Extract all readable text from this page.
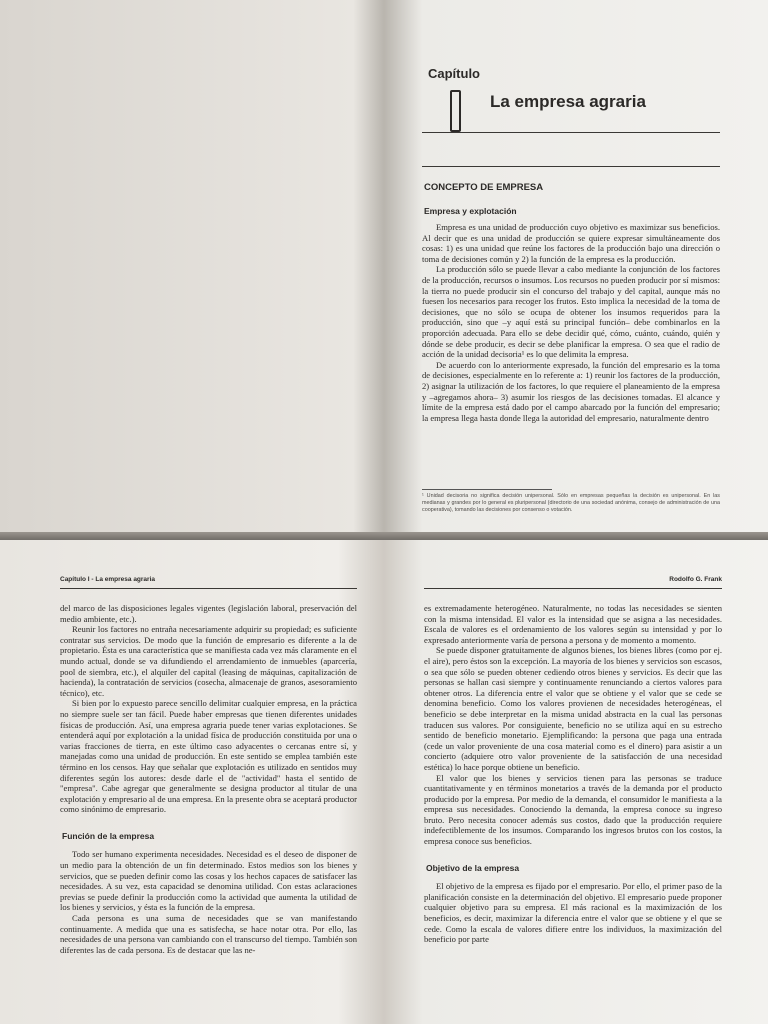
Capítulo
La empresa agraria
CONCEPTO DE EMPRESA
Empresa y explotación

Empresa es una unidad de producción cuyo objetivo es maximizar sus beneficios. Al decir que es una unidad de producción se quiere expresar simultáneamente dos cosas: 1) es una unidad que reúne los factores de la producción bajo una dirección o toma de decisiones común y 2) la función de la empresa es la producción.

La producción sólo se puede llevar a cabo mediante la conjunción de los factores de la producción, recursos o insumos. Los recursos no pueden producir por sí mismos: la tierra no puede producir sin el concurso del trabajo y del capital, aunque más no fuesen los necesarios para recoger los frutos. Esto implica la necesidad de la toma de decisiones, que no sólo se ocupa de obtener los insumos requeridos para la producción, sino que –y aquí está su principal función– debe combinarlos en la proporción adecuada. Para ello se debe decidir qué, cómo, cuánto, cuándo, quién y dónde se debe producir, es decir se debe planificar la empresa. O sea que el radio de acción de la unidad decisoria¹ es lo que delimita la empresa.

De acuerdo con lo anteriormente expresado, la función del empresario es la toma de decisiones, especialmente en lo referente a: 1) reunir los factores de la producción, 2) asignar la utilización de los factores, lo que requiere el planeamiento de la empresa y –agregamos ahora– 3) asumir los riesgos de las decisiones tomadas. El alcance y límite de la empresa está dado por el campo abarcado por la función del empresario; la empresa llega hasta donde llega la autoridad del empresario, naturalmente dentro

¹ Unidad decisoria no significa decisión unipersonal. Sólo en empresas pequeñas la decisión es unipersonal. En las medianas y grandes por lo general es pluripersonal (directorio de una sociedad anónima, consejo de administración de una cooperativa), tomando las decisiones por consenso o votación.
Capítulo I - La empresa agraria

del marco de las disposiciones legales vigentes (legislación laboral, preservación del medio ambiente, etc.).

Reunir los factores no entraña necesariamente adquirir su propiedad; es suficiente contratar sus servicios. De modo que la función de empresario es diferente a la de propietario. Ésta es una característica que se manifiesta cada vez más claramente en el mundo actual, donde se va difundiendo el arrendamiento de inmuebles (aparcería, pool de siembra, etc.), el alquiler del capital (leasing de máquinas, capitalización de hacienda), la contratación de servicios (cosecha, almacenaje de granos, asesoramiento técnico), etc.

Si bien por lo expuesto parece sencillo delimitar cualquier empresa, en la práctica no siempre suele ser tan fácil. Puede haber empresas que tienen diferentes unidades físicas de producción. Así, una empresa agraria puede tener varias explotaciones. Se entenderá aquí por explotación a la unidad física de producción constituida por una o varias fracciones de tierra, en este último caso adyacentes o cercanas entre sí, y manejadas como una unidad de producción. En este sentido se emplea también este término en los censos. Hay que señalar que explotación es utilizado en sentidos muy diferentes según los autores: desde darle el de "actividad" hasta el sentido de "empresa". Cabe agregar que generalmente se designa productor al titular de una explotación y empresario al de una empresa. En la presente obra se aceptará productor como sinónimo de empresario.

Función de la empresa

Todo ser humano experimenta necesidades. Necesidad es el deseo de disponer de un medio para la obtención de un fin determinado. Estos medios son los bienes y servicios, que se pueden definir como las cosas y los hechos capaces de satisfacer las necesidades. A su vez, esta capacidad se denomina utilidad. Con estas aclaraciones previas se puede definir la producción como la actividad que aumenta la utilidad de los bienes y servicios, y ésta es la función de la empresa.

Cada persona es una suma de necesidades que se van manifestando continuamente. A medida que una es satisfecha, se hace notar otra. Por ello, las necesidades de una persona van cambiando con el transcurso del tiempo. También son diferentes las de cada persona. Es de destacar que las ne-

Rodolfo G. Frank

es extremadamente heterogéneo. Naturalmente, no todas las necesidades se sienten con la misma intensidad. El valor es la intensidad que se asigna a las necesidades. Escala de valores es el ordenamiento de los valores según su intensidad y por lo expresado anteriormente varía de persona a persona y de momento a momento.

Se puede disponer gratuitamente de algunos bienes, los bienes libres (como por ej. el aire), pero éstos son la excepción. La mayoría de los bienes y servicios son escasos, o sea que sólo se pueden obtener cediendo otros bienes y servicios. Es decir que las personas se hallan casi siempre y continuamente renunciando a ciertos valores para obtener otros. La diferencia entre el valor que se obtiene y el valor que se cede se denomina beneficio. Como los valores provienen de necesidades heterogéneas, el beneficio se debe interpretar en la misma unidad abstracta en la cual las personas traducen sus valores. Por consiguiente, beneficio no se utiliza aquí en su estrecho sentido de beneficio monetario. Ejemplificando: la persona que paga una entrada (cede un valor proveniente de una cosa material como es el dinero) para asistir a un concierto (adquiere otro valor proveniente de la satisfacción de una necesidad estética) lo hace porque obtiene un beneficio.

El valor que los bienes y servicios tienen para las personas se traduce cuantitativamente y en términos monetarios a través de la demanda por el producto producido por la empresa. Por medio de la demanda, el consumidor le manifiesta a la empresa sus necesidades. Conociendo la demanda, la empresa conoce su ingreso bruto. Pero necesita conocer además sus costos, dado que la producción requiere indefectiblemente de los insumos. Comparando los ingresos brutos con los costos, la empresa conoce sus beneficios.

Objetivo de la empresa

El objetivo de la empresa es fijado por el empresario. Por ello, el primer paso de la planificación consiste en la determinación del objetivo. El empresario puede proponer cualquier objetivo para su empresa. El más racional es la maximización de los beneficios, es decir, maximizar la diferencia entre el valor que se obtiene y el que se cede. Como la escala de valores difiere entre los individuos, la maximización del beneficio por parte
